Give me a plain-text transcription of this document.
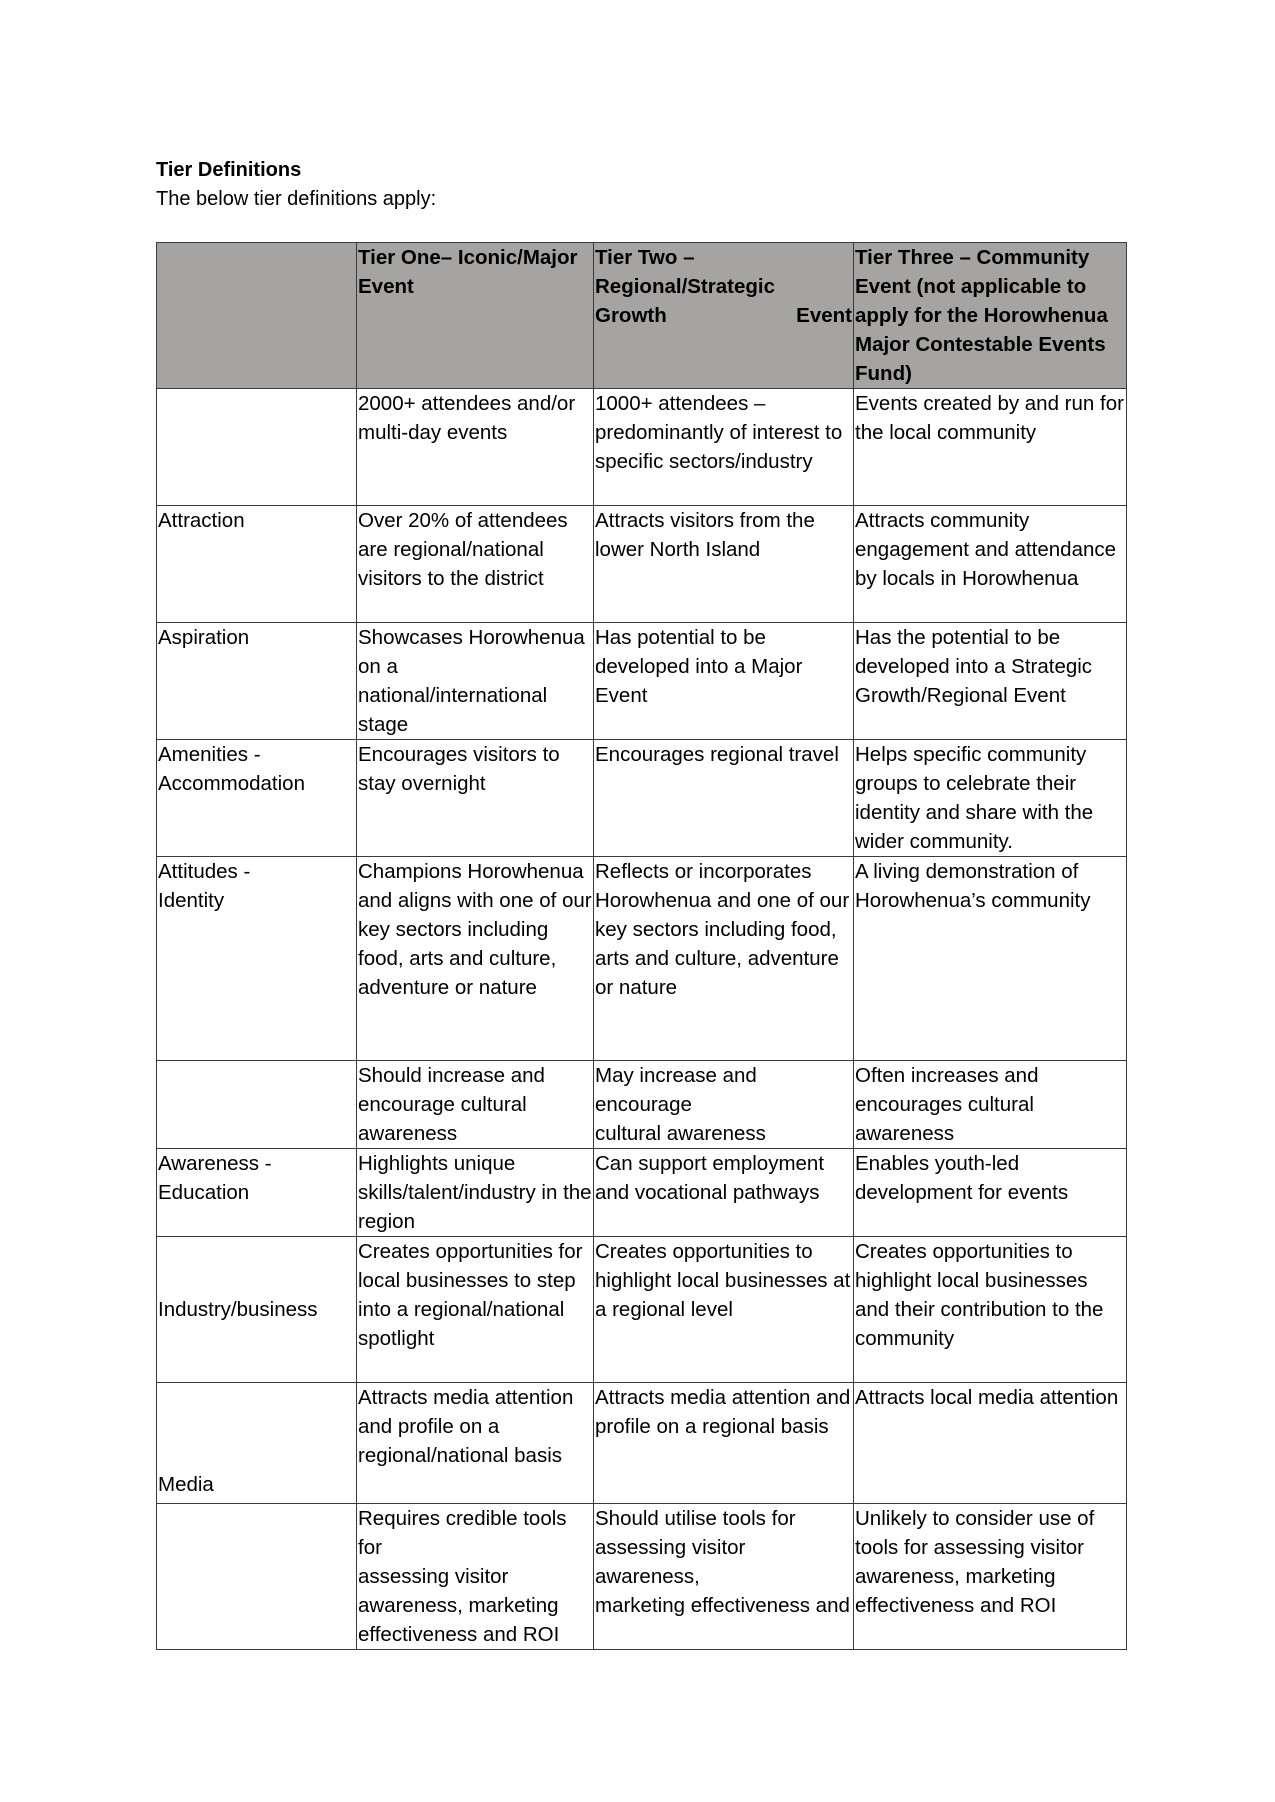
Tier Definitions
The below tier definitions apply:
	Tier One– Iconic/Major Event	Tier Two – Regional/Strategic Growth Event	Tier Three – Community Event (not applicable to apply for the Horowhenua Major Contestable Events Fund)

	2000+ attendees and/or multi-day events	1000+ attendees – predominantly of interest to specific sectors/industry	Events created by and run for the local community

Attraction	Over 20% of attendees are regional/national visitors to the district	Attracts visitors from the lower North Island	Attracts community engagement and attendance by locals in Horowhenua

Aspiration	Showcases Horowhenua on a national/international stage	Has potential to be developed into a Major Event	Has the potential to be developed into a Strategic Growth/Regional Event

Amenities -
Accommodation	Encourages visitors to stay overnight	Encourages regional travel	Helps specific community groups to celebrate their identity and share with the wider community.

Attitudes -
Identity	Champions Horowhenua and aligns with one of our key sectors including food, arts and culture, adventure or nature	Reflects or incorporates Horowhenua and one of our key sectors including food, arts and culture, adventure or nature	A living demonstration of Horowhenua’s community

	Should increase and encourage cultural awareness	May increase and encourage
cultural awareness	Often increases and encourages cultural awareness

Awareness -
Education	Highlights unique skills/talent/industry in the region	Can support employment and vocational pathways	Enables youth-led development for events

Industry/business	Creates opportunities for
local businesses to step into a regional/national spotlight	Creates opportunities to highlight local businesses at
a regional level	Creates opportunities to highlight local businesses and their contribution to the community

Media	Attracts media attention
and profile on a regional/national basis	Attracts media attention and
profile on a regional basis	Attracts local media attention

	Requires credible tools for
assessing visitor awareness, marketing effectiveness and ROI	Should utilise tools for assessing visitor awareness,
marketing effectiveness and	Unlikely to consider use of tools for assessing visitor awareness, marketing effectiveness and ROI
